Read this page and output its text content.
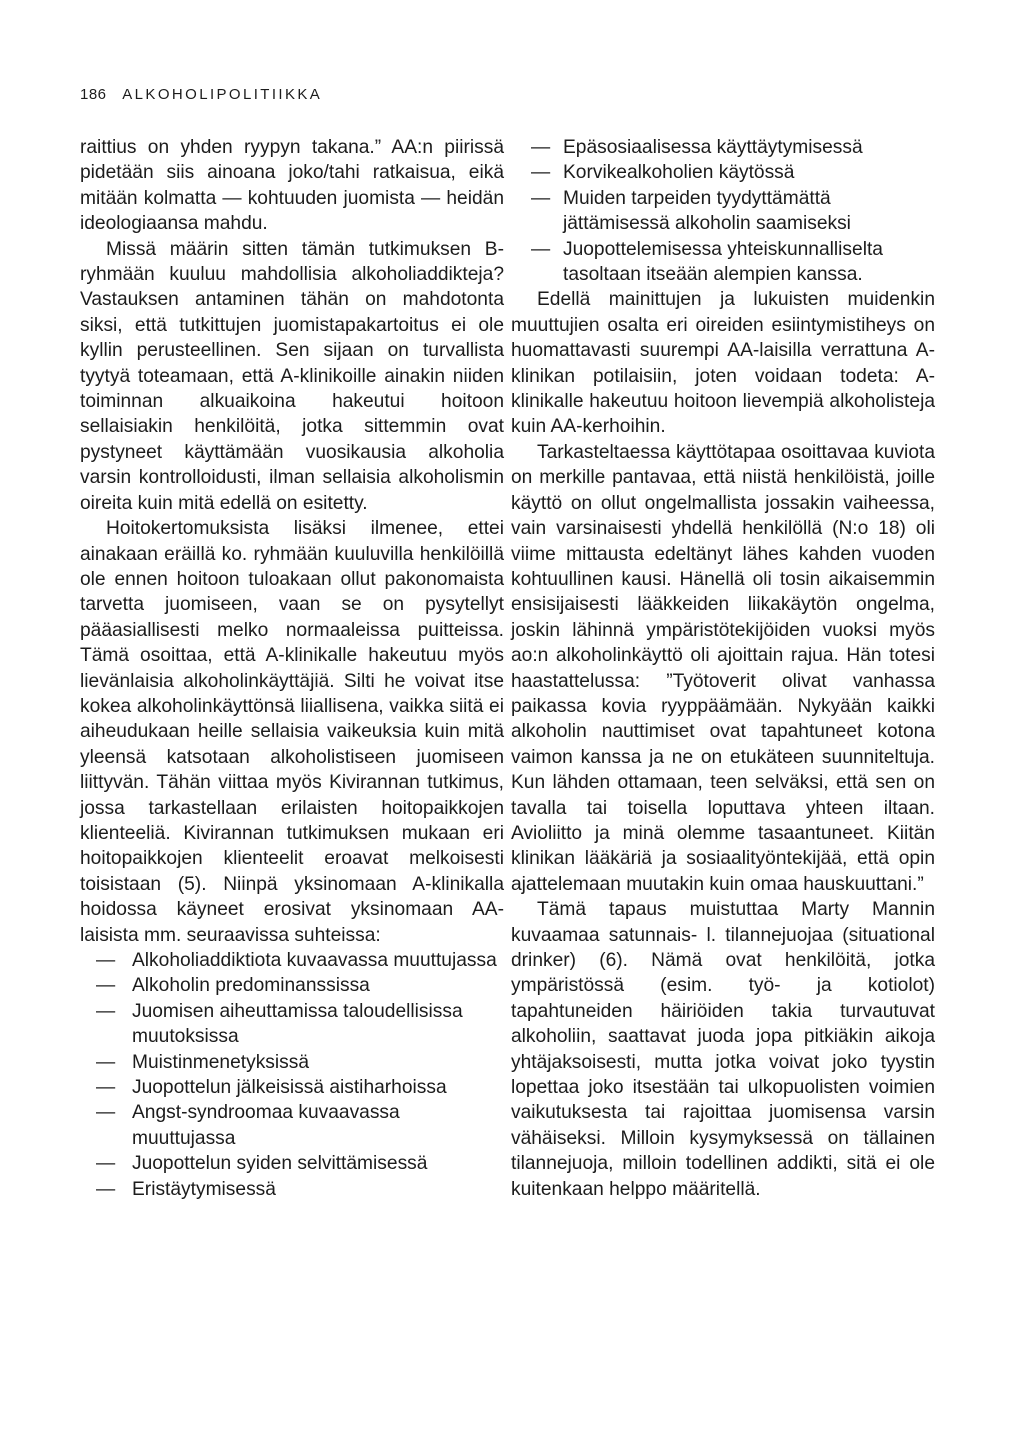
186 ALKOHOLIPOLITIIKKA

raittius on yhden ryypyn takana.” AA:n piirissä pidetään siis ainoana joko/tahi ratkaisua, eikä mitään kolmatta — kohtuuden juomista — heidän ideologiaansa mahdu.

Missä määrin sitten tämän tutkimuksen B-ryhmään kuuluu mahdollisia alkoholiaddikteja? Vastauksen antaminen tähän on mahdotonta siksi, että tutkittujen juomistapakartoitus ei ole kyllin perusteellinen. Sen sijaan on turvallista tyytyä toteamaan, että A-klinikoille ainakin niiden toiminnan alkuaikoina hakeutui hoitoon sellaisiakin henkilöitä, jotka sittemmin ovat pystyneet käyttämään vuosikausia alkoholia varsin kontrolloidusti, ilman sellaisia alkoholismin oireita kuin mitä edellä on esitetty.

Hoitokertomuksista lisäksi ilmenee, ettei ainakaan eräillä ko. ryhmään kuuluvilla henkilöillä ole ennen hoitoon tuloakaan ollut pakonomaista tarvetta juomiseen, vaan se on pysytellyt pääasiallisesti melko normaaleissa puitteissa. Tämä osoittaa, että A-klinikalle hakeutuu myös lievänlaisia alkoholinkäyttäjiä. Silti he voivat itse kokea alkoholinkäyttönsä liiallisena, vaikka siitä ei aiheudukaan heille sellaisia vaikeuksia kuin mitä yleensä katsotaan alkoholistiseen juomiseen liittyvän. Tähän viittaa myös Kivirannan tutkimus, jossa tarkastellaan erilaisten hoitopaikkojen klienteeliä. Kivirannan tutkimuksen mukaan eri hoitopaikkojen klienteelit eroavat melkoisesti toisistaan (5). Niinpä yksinomaan A-klinikalla hoidossa käyneet erosivat yksinomaan AA-laisista mm. seuraavissa suhteissa:

— Alkoholiaddiktiota kuvaavassa muuttujassa
— Alkoholin predominanssissa
— Juomisen aiheuttamissa taloudellisissa muutoksissa
— Muistinmenetyksissä
— Juopottelun jälkeisissä aistiharhoissa
— Angst-syndroomaa kuvaavassa muuttujassa
— Juopottelun syiden selvittämisessä
— Eristäytymisessä
— Epäsosiaalisessa käyttäytymisessä
— Korvikealkoholien käytössä
— Muiden tarpeiden tyydyttämättä jättämisessä alkoholin saamiseksi
— Juopottelemisessa yhteiskunnalliselta tasoltaan itseään alempien kanssa.

Edellä mainittujen ja lukuisten muidenkin muuttujien osalta eri oireiden esiintymistiheys on huomattavasti suurempi AA-laisilla verrattuna A-klinikan potilaisiin, joten voidaan todeta: A-klinikalle hakeutuu hoitoon lievempiä alkoholisteja kuin AA-kerhoihin.

Tarkasteltaessa käyttötapaa osoittavaa kuviota on merkille pantavaa, että niistä henkilöistä, joille käyttö on ollut ongelmallista jossakin vaiheessa, vain varsinaisesti yhdellä henkilöllä (N:o 18) oli viime mittausta edeltänyt lähes kahden vuoden kohtuullinen kausi. Hänellä oli tosin aikaisemmin ensisijaisesti lääkkeiden liikakäytön ongelma, joskin lähinnä ympäristötekijöiden vuoksi myös ao:n alkoholinkäyttö oli ajoittain rajua. Hän totesi haastattelussa: ”Työtoverit olivat vanhassa paikassa kovia ryyppäämään. Nykyään kaikki alkoholin nauttimiset ovat tapahtuneet kotona vaimon kanssa ja ne on etukäteen suunniteltuja. Kun lähden ottamaan, teen selväksi, että sen on tavalla tai toisella loputtava yhteen iltaan. Avioliitto ja minä olemme tasaantuneet. Kiitän klinikan lääkäriä ja sosiaalityöntekijää, että opin ajattelemaan muutakin kuin omaa hauskuuttani.”

Tämä tapaus muistuttaa Marty Mannin kuvaamaa satunnais- l. tilannejuojaa (situational drinker) (6). Nämä ovat henkilöitä, jotka ympäristössä (esim. työ- ja kotiolot) tapahtuneiden häiriöiden takia turvautuvat alkoholiin, saattavat juoda jopa pitkiäkin aikoja yhtäjaksoisesti, mutta jotka voivat joko tyystin lopettaa joko itsestään tai ulkopuolisten voimien vaikutuksesta tai rajoittaa juomisensa varsin vähäiseksi. Milloin kysymyksessä on tällainen tilannejuoja, milloin todellinen addikti, sitä ei ole kuitenkaan helppo määritellä.
